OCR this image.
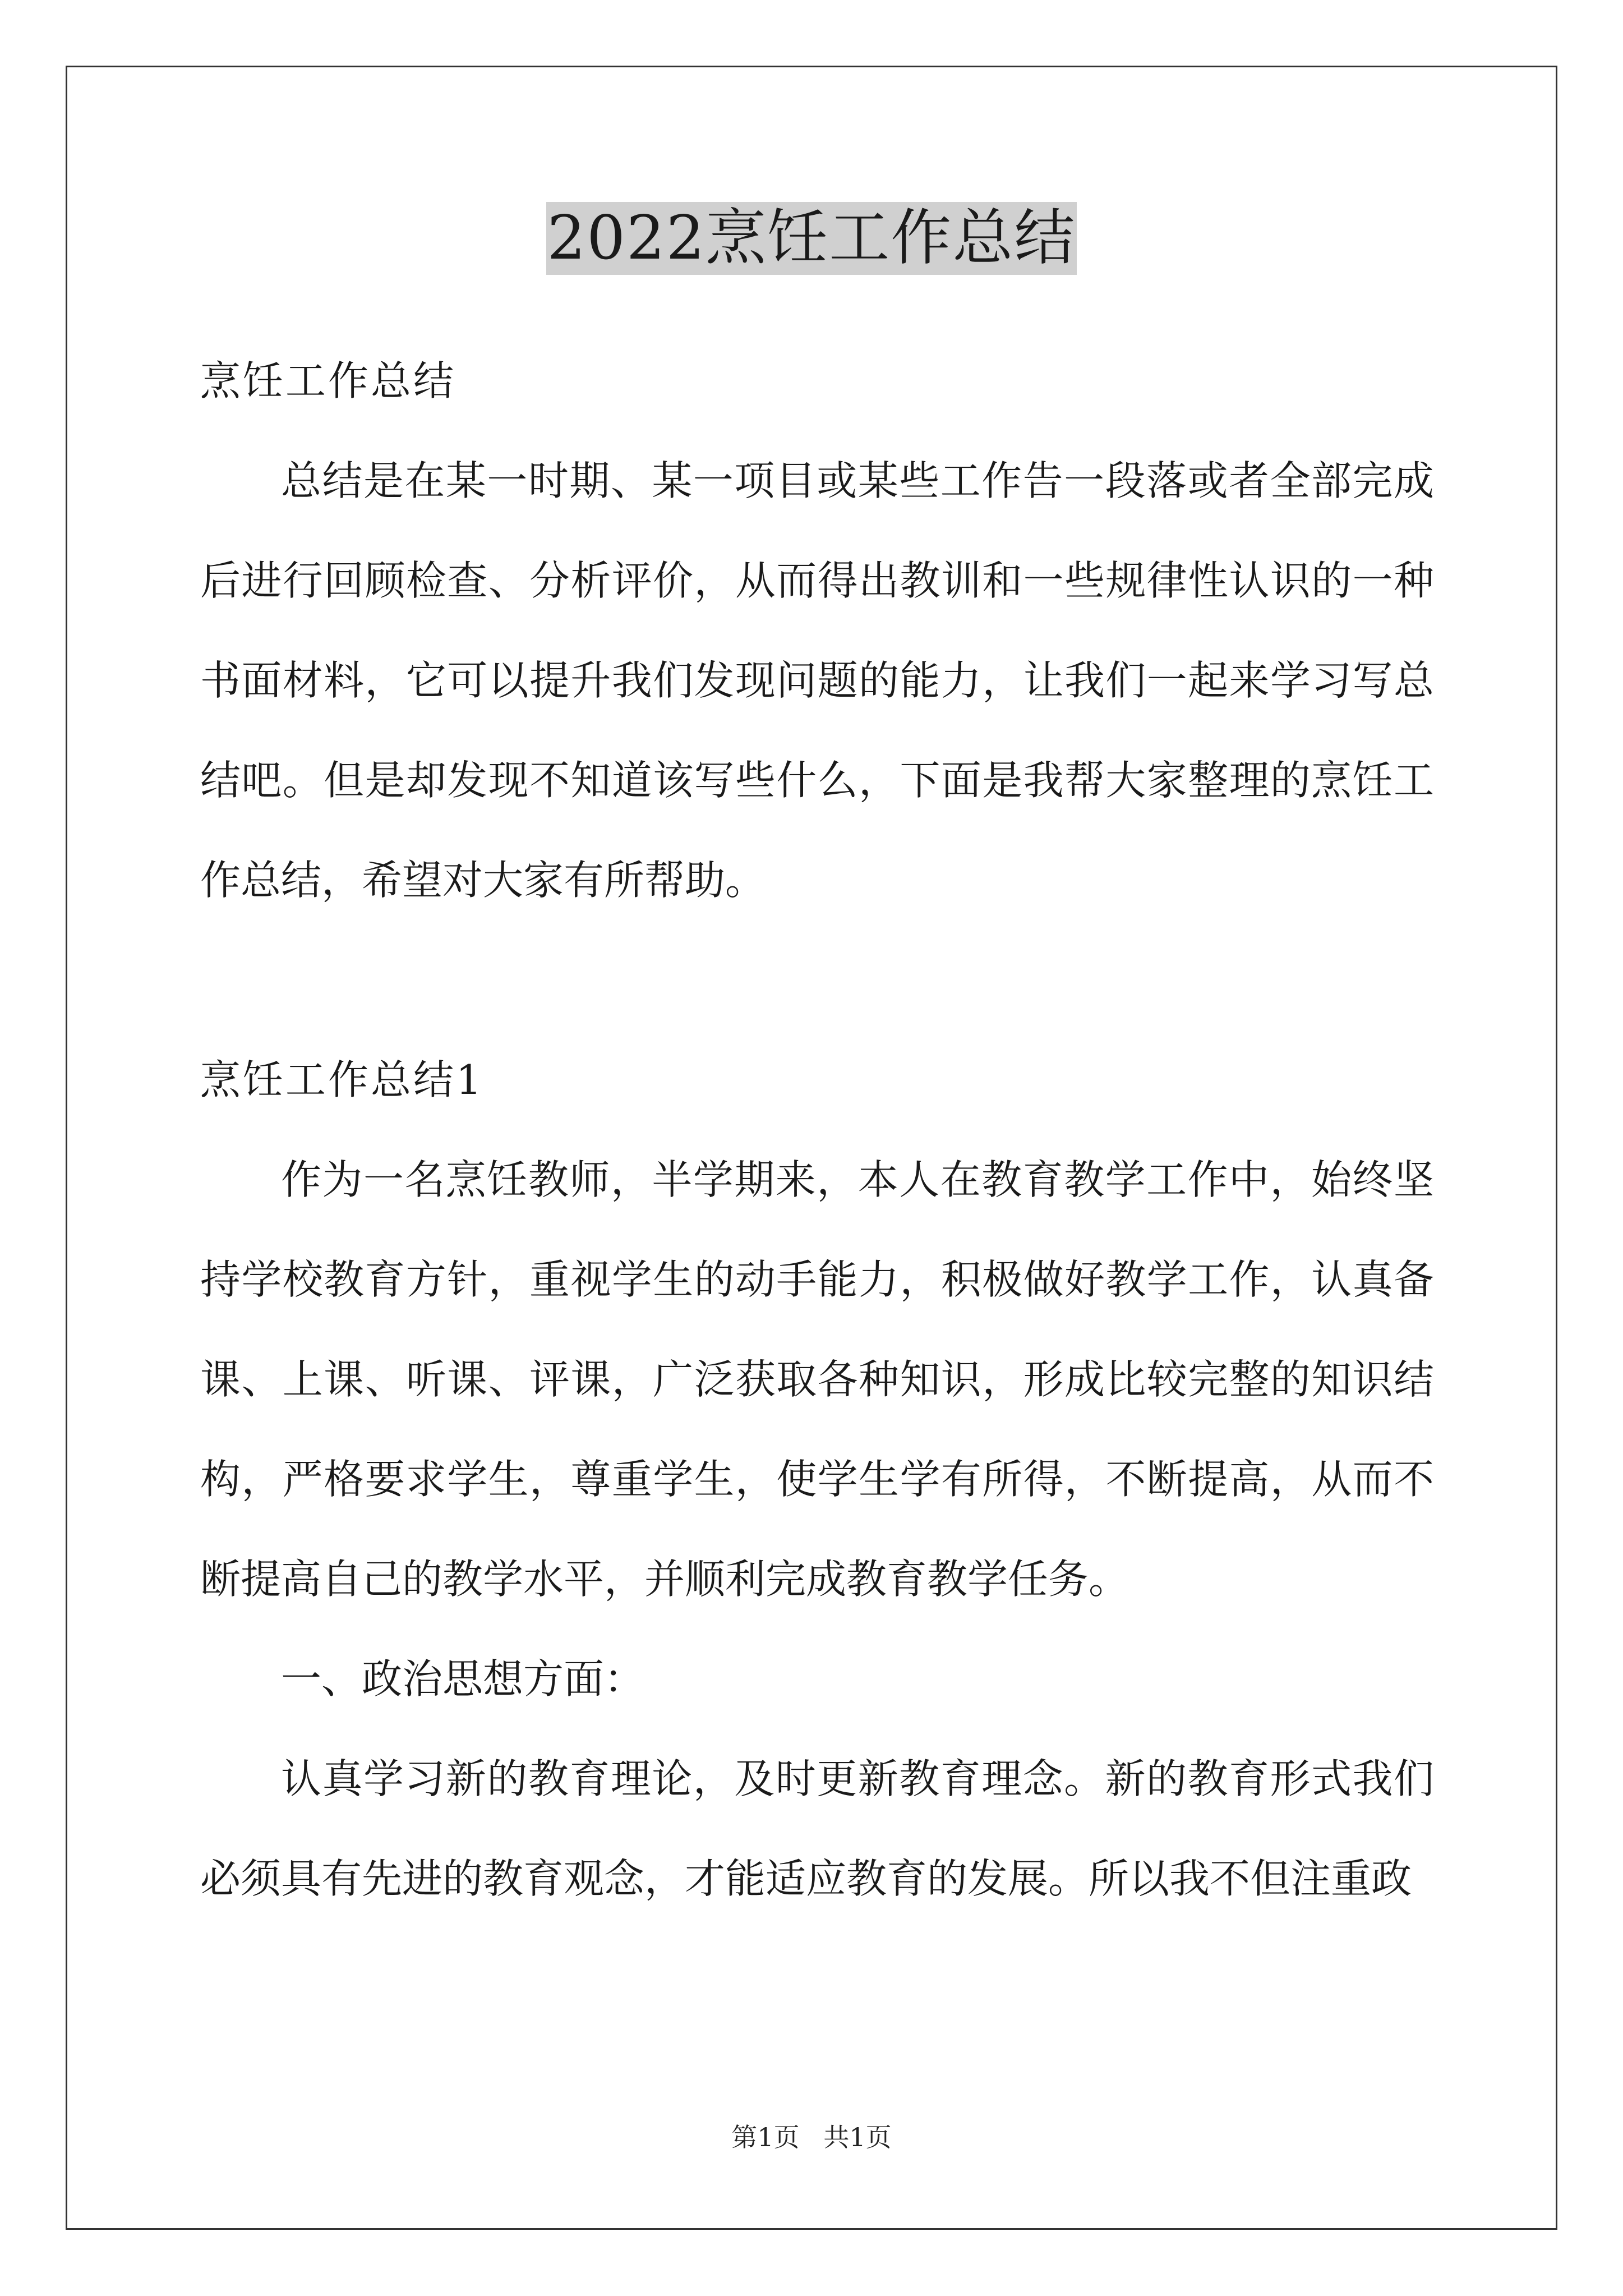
2022烹饪工作总结

烹饪工作总结

总结是在某一时期、某一项目或某些工作告一段落或者全部完成后进行回顾检查、分析评价，从而得出教训和一些规律性认识的一种书面材料，它可以提升我们发现问题的能力，让我们一起来学习写总结吧。但是却发现不知道该写些什么，下面是我帮大家整理的烹饪工作总结，希望对大家有所帮助。

烹饪工作总结1

作为一名烹饪教师，半学期来，本人在教育教学工作中，始终坚持学校教育方针，重视学生的动手能力，积极做好教学工作，认真备课、上课、听课、评课，广泛获取各种知识，形成比较完整的知识结构，严格要求学生，尊重学生，使学生学有所得，不断提高，从而不断提高自己的教学水平，并顺利完成教育教学任务。

一、政治思想方面：

认真学习新的教育理论，及时更新教育理念。新的教育形式我们必须具有先进的教育观念，才能适应教育的发展。所以我不但注重政

第1页 共1页
